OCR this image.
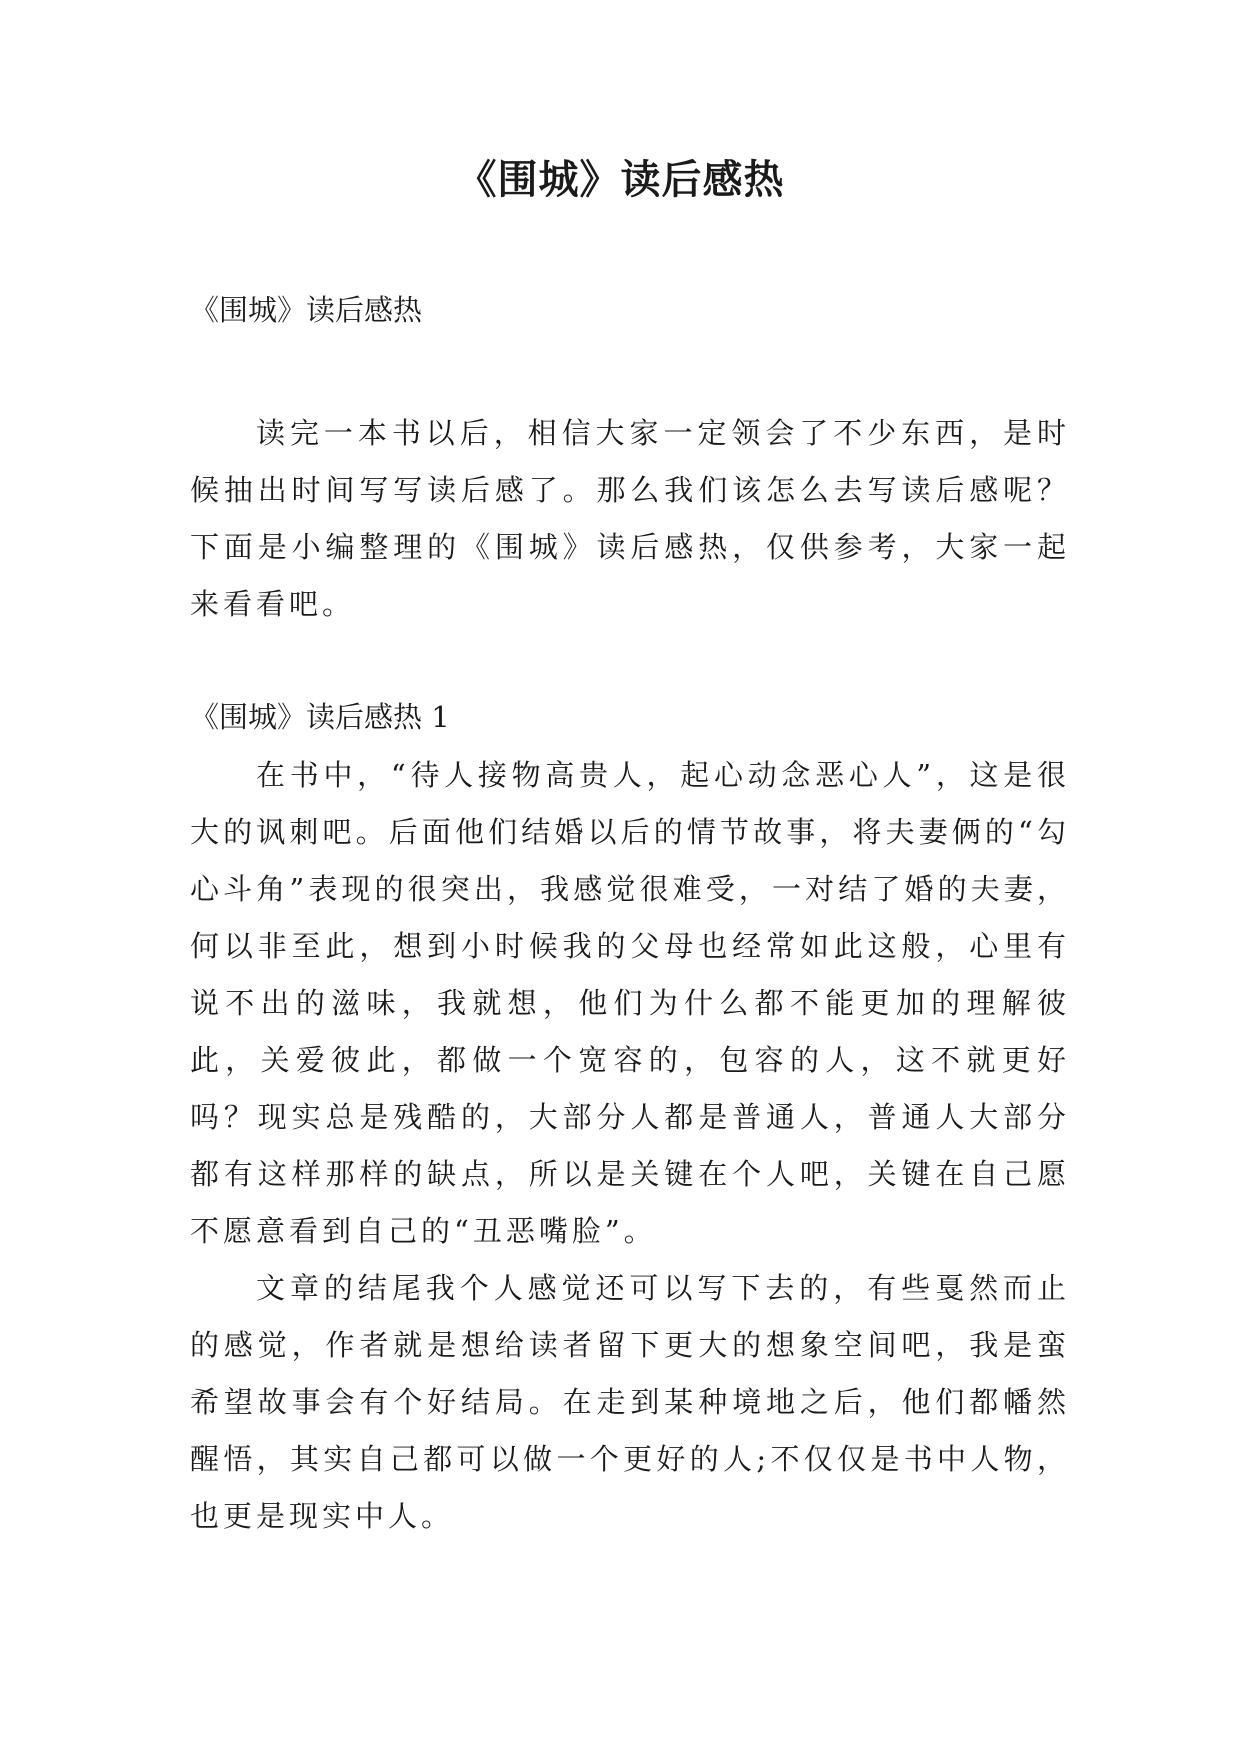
《围城》读后感热

《围城》读后感热

读完一本书以后，相信大家一定领会了不少东西，是时候抽出时间写写读后感了。那么我们该怎么去写读后感呢？下面是小编整理的《围城》读后感热，仅供参考，大家一起来看看吧。

《围城》读后感热 1

在书中，“待人接物高贵人，起心动念恶心人”，这是很大的讽刺吧。后面他们结婚以后的情节故事，将夫妻俩的“勾心斗角”表现的很突出，我感觉很难受，一对结了婚的夫妻，何以非至此，想到小时候我的父母也经常如此这般，心里有说不出的滋味，我就想，他们为什么都不能更加的理解彼此，关爱彼此，都做一个宽容的，包容的人，这不就更好吗？现实总是残酷的，大部分人都是普通人，普通人大部分都有这样那样的缺点，所以是关键在个人吧，关键在自己愿不愿意看到自己的“丑恶嘴脸”。

文章的结尾我个人感觉还可以写下去的，有些戛然而止的感觉，作者就是想给读者留下更大的想象空间吧，我是蛮希望故事会有个好结局。在走到某种境地之后，他们都幡然醒悟，其实自己都可以做一个更好的人;不仅仅是书中人物，也更是现实中人。
